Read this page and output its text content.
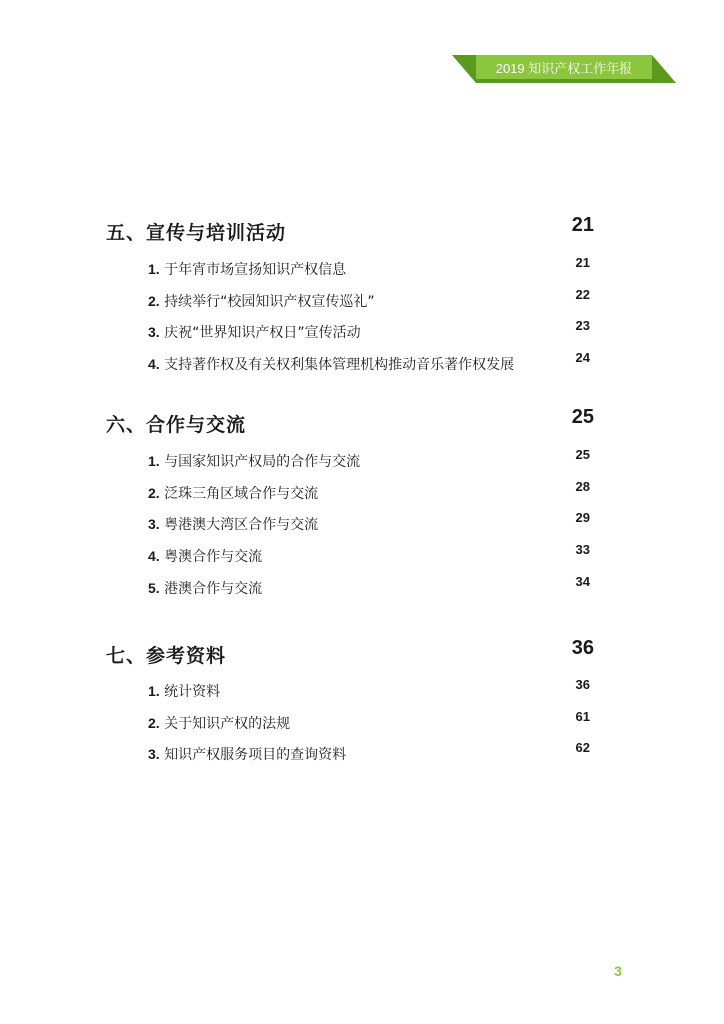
2019 知识产权工作年报
五、宣传与培训活动	21
1. 于年宵市场宣扬知识产权信息	21
2. 持续举行“校园知识产权宣传巡礼”	22
3. 庆祝“世界知识产权日”宣传活动	23
4. 支持著作权及有关权利集体管理机构推动音乐著作权发展	24
六、合作与交流	25
1. 与国家知识产权局的合作与交流	25
2. 泛珠三角区域合作与交流	28
3. 粤港澳大湾区合作与交流	29
4. 粤澳合作与交流	33
5. 港澳合作与交流	34
七、参考资料	36
1. 统计资料	36
2. 关于知识产权的法规	61
3. 知识产权服务项目的查询资料	62
3
